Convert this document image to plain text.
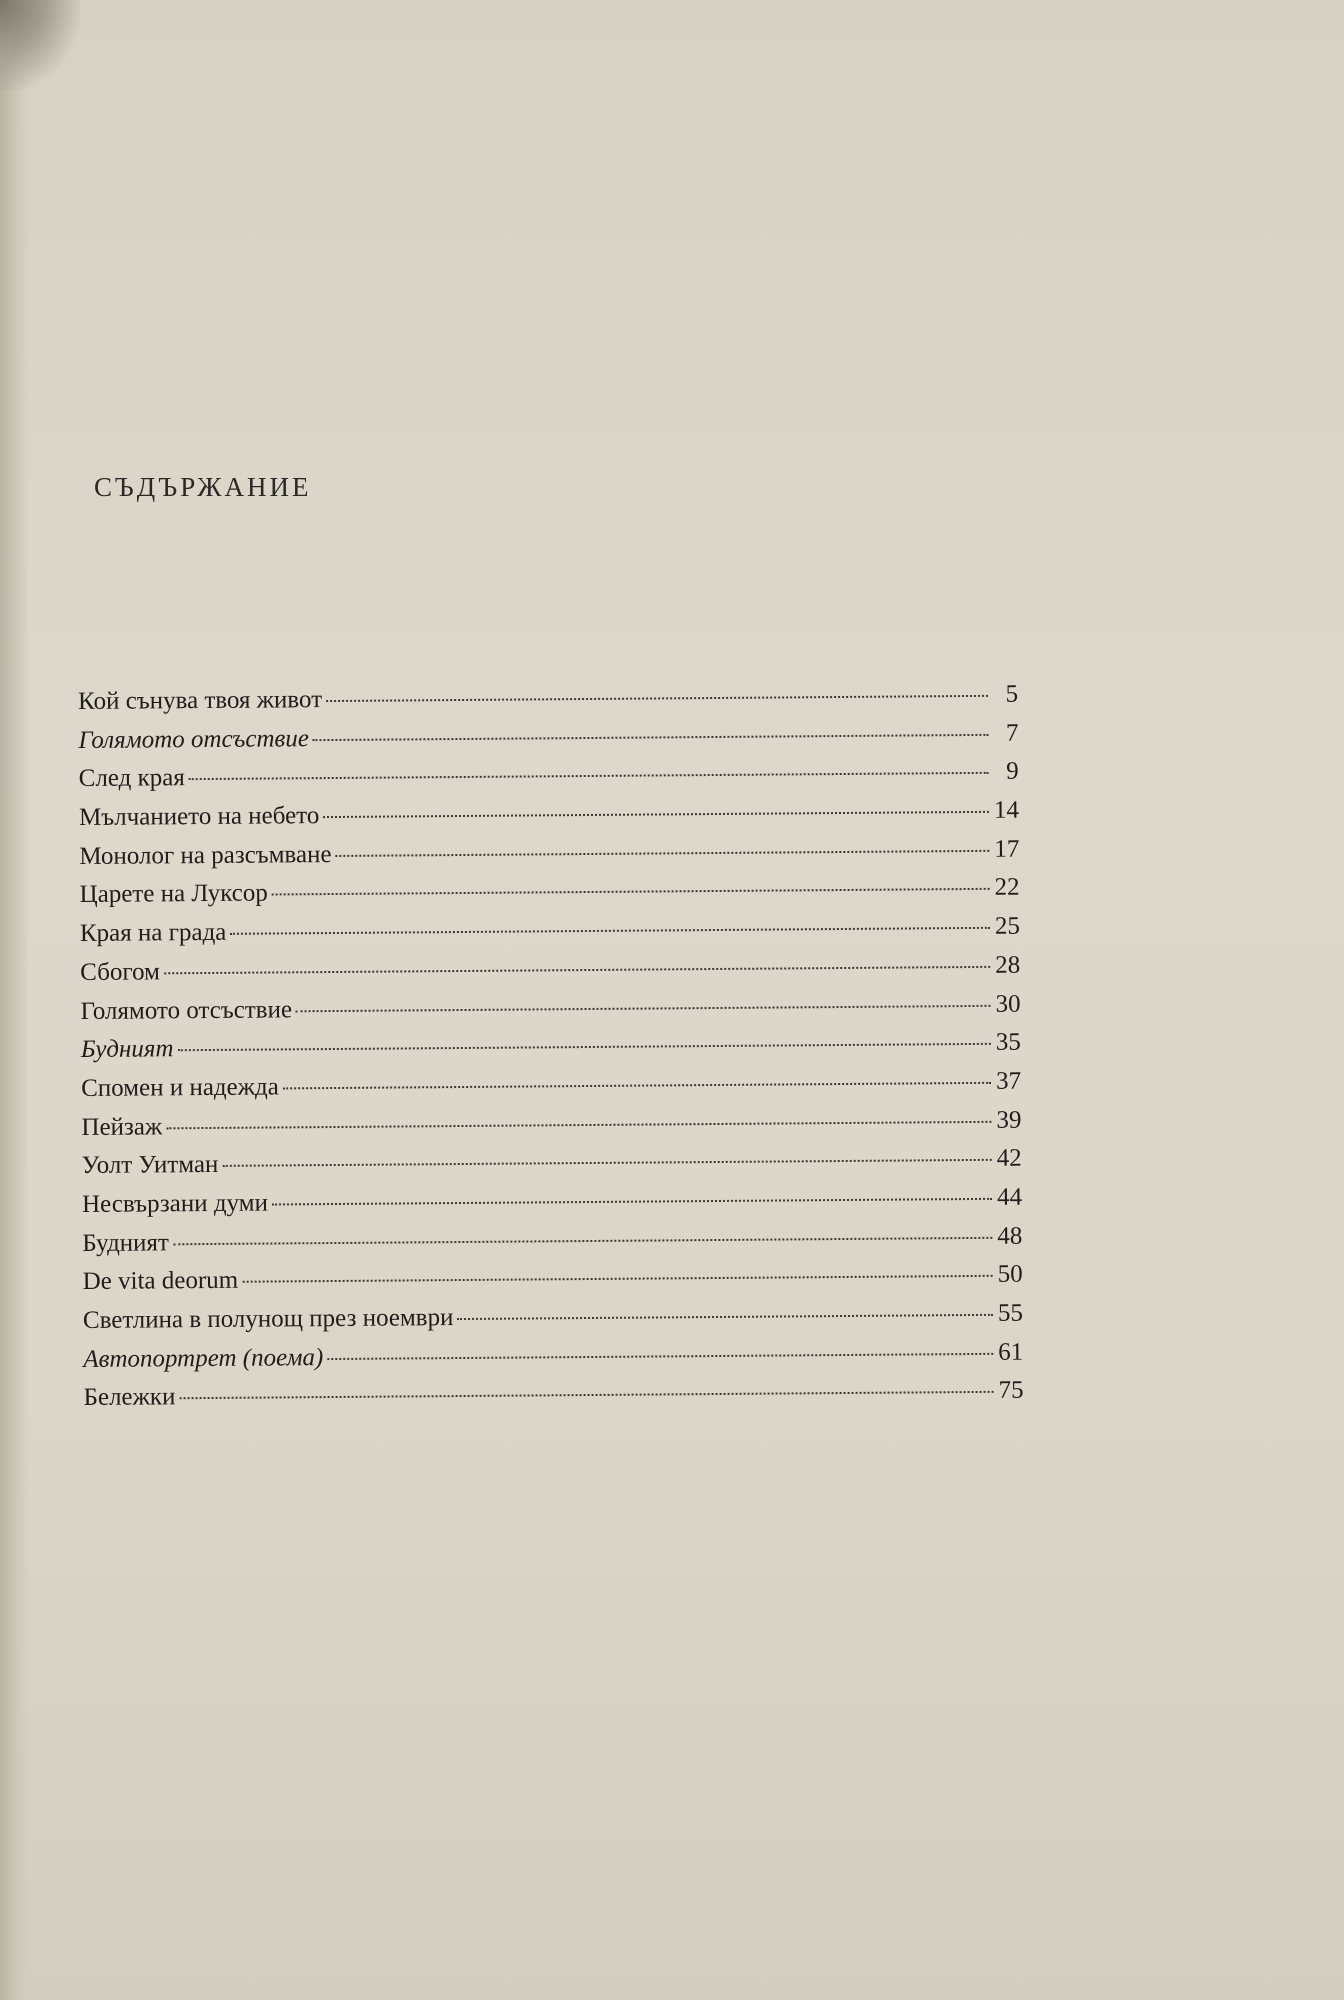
СЪДЪРЖАНИЕ
Кой сънува твоя живот	5
Голямото отсъствие	7
След края	9
Мълчанието на небето	14
Монолог на разсъмване	17
Царете на Луксор	22
Края на града	25
Сбогом	28
Голямото отсъствие	30
Будният	35
Спомен и надежда	37
Пейзаж	39
Уолт Уитман	42
Несвързани думи	44
Будният	48
De vita deorum	50
Светлина в полунощ през ноември	55
Автопортрет (поема)	61
Бележки	75
